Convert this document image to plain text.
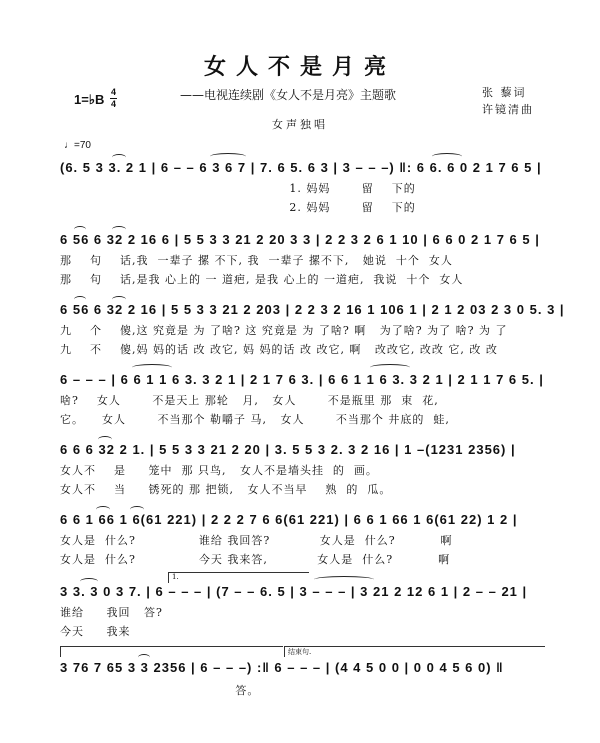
女人不是月亮
——电视连续剧《女人不是月亮》主题歌
1=♭B 4
4
张 藜词
许镜清曲
女声独唱
♩=70
(6. 5 3 3. 2 1 | 6 – – 6 3 6 7 | 7. 6 5. 6 3 | 3 – – –) ‖: 6 6. 6 0 2 1 7 6 5 |
1. 妈妈       留    下的
2. 妈妈       留    下的
6 56 6 32 2 16 6 | 5 5 3 3 21 2 20 3 3 | 2 2 3 2 6 1 10 | 6 6 0 2 1 7 6 5 |
那    句    话,我  一辈子 摞 不下, 我  一辈子 摞不下,   她说  十个  女人
那    句    话,是我 心上的 一 道疤, 是我 心上的 一道疤,  我说  十个  女人
6 56 6 32 2 16 | 5 5 3 3 21 2 203 | 2 2 3 2 16 1 106 1 | 2 1 2 03 2 3 0 5. 3 |
九    个    傻,这 究竟是 为 了啥? 这 究竟是 为 了啥? 啊   为了啥? 为了 啥? 为 了
九    不    傻,妈 妈的话 改 改它, 妈 妈的话 改 改它, 啊   改改它, 改改 它, 改 改
6 – – – | 6 6 1 1 6 3. 3 2 1 | 2 1 7 6 3. | 6 6 1 1 6 3. 3 2 1 | 2 1 1 7 6 5. |
啥?    女人       不是天上 那轮   月,   女人       不是瓶里 那  束  花,
它。    女人       不当那个 勒嚼子 马,   女人       不当那个 井底的  蛙,
6 6 6 32 2 1. | 5 5 3 3 21 2 20 | 3. 5 5 3 2. 3 2 16 | 1 –(1231 2356) |
女人不    是     笼中  那 只鸟,   女人不是墙头挂  的  画。
女人不    当     锈死的 那 把锁,   女人不当早    熟  的  瓜。
6 6 1 66 1 6(61 221) | 2 2 2 7 6 6(61 221) | 6 6 1 66 1 6(61 22) 1 2 |
女人是  什么?              谁给 我回答?           女人是  什么?          啊
女人是  什么?              今天 我来答,           女人是  什么?          啊
1.
3 3. 3 0 3 7. | 6 – – – | (7 – – 6. 5 | 3 – – – | 3 21 2 12 6 1 | 2 – – 21 |
谁给     我回   答?
今天     我来
结束句.
3 76 7 65 3 3 2356 | 6 – – –) :‖ 6 – – – | (4 4 5 0 0 | 0 0 4 5 6 0) ‖
答。
